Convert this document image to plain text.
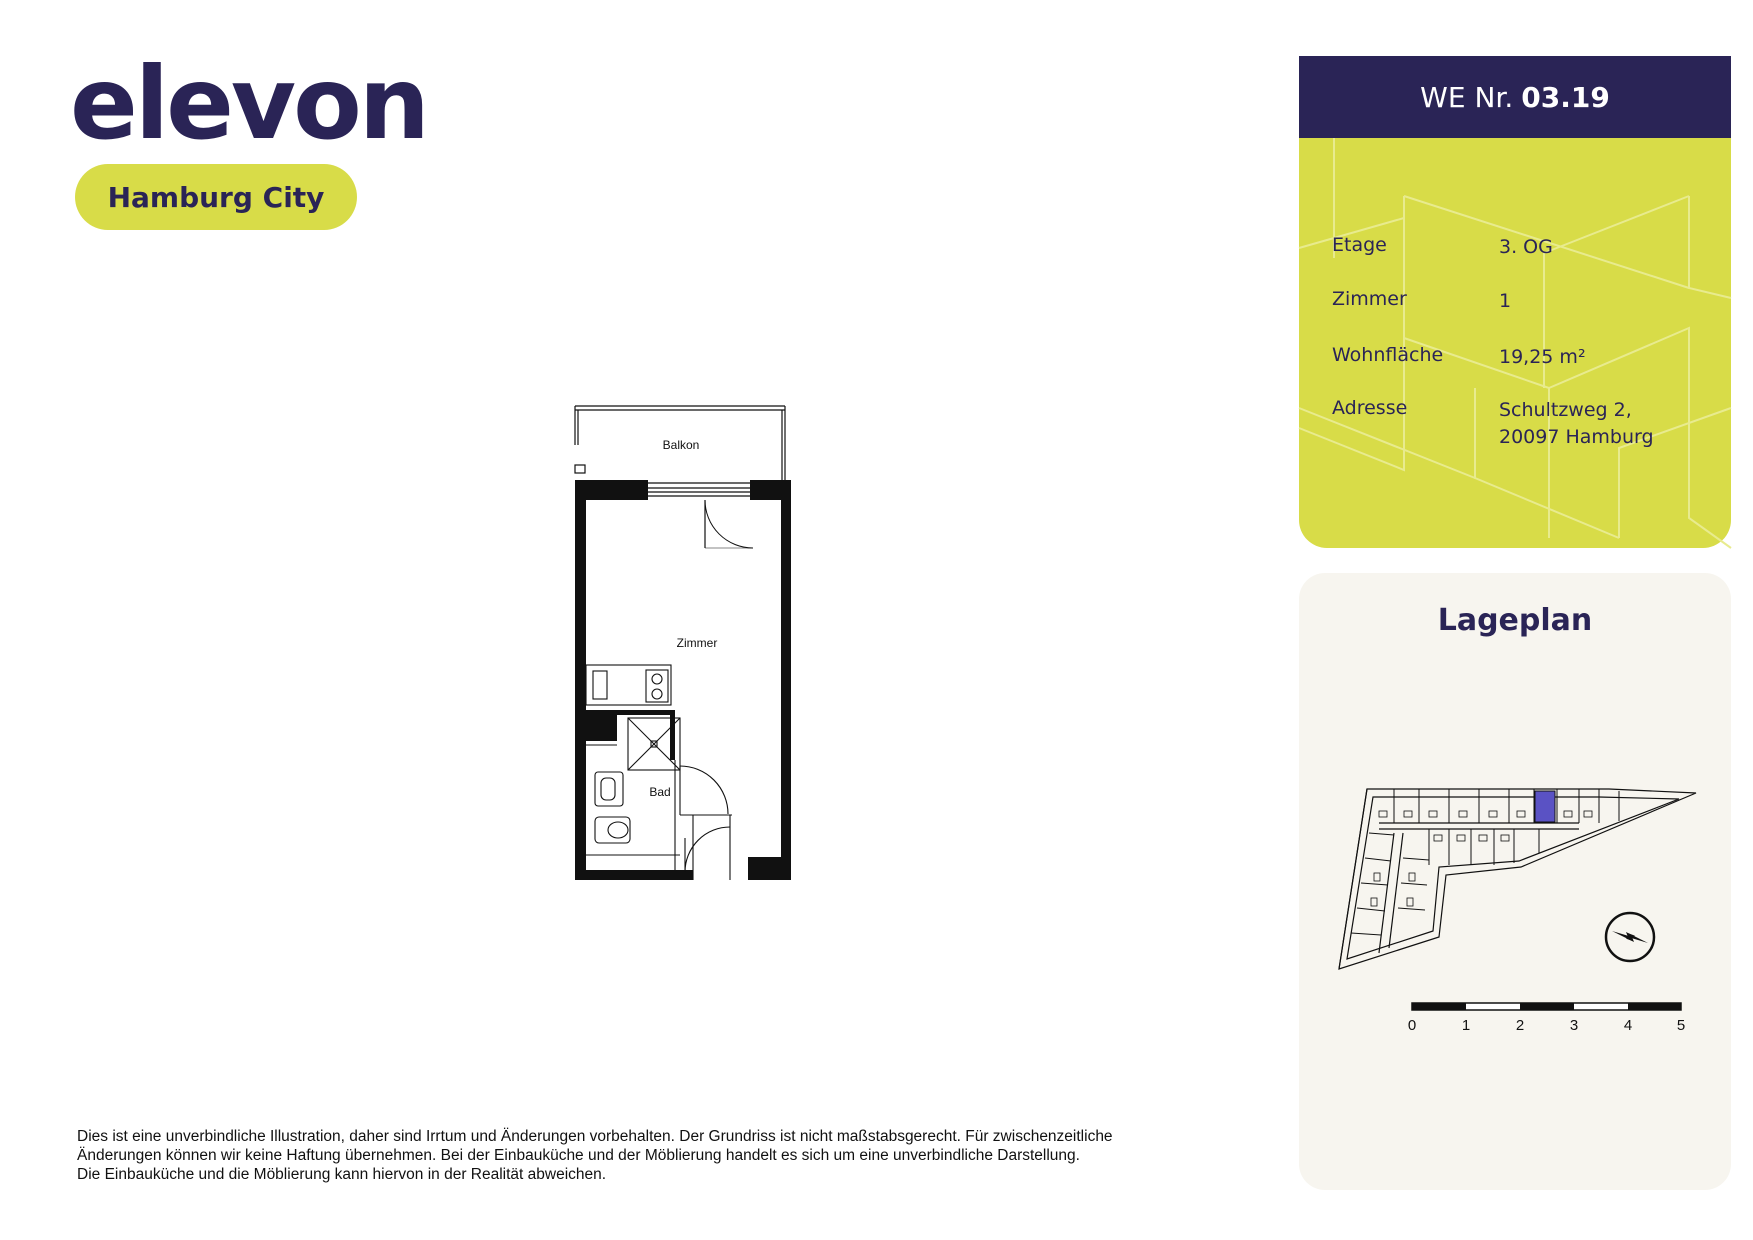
elevon
Hamburg City
Balkon
Zimmer
Bad
Dies ist eine unverbindliche Illustration, daher sind Irrtum und Änderungen vorbehalten. Der Grundriss ist nicht maßstabsgerecht. Für zwischenzeitliche
Änderungen können wir keine Haftung übernehmen. Bei der Einbauküche und der Möblierung handelt es sich um eine unverbindliche Darstellung.
Die Einbauküche und die Möblierung kann hiervon in der Realität abweichen.
WE Nr. 03.19
Etage	3. OG
Zimmer	1
Wohnfläche	19,25 m²
Adresse	Schultzweg 2,
20097 Hamburg
Lageplan
N
0	1	2	3	4	5
